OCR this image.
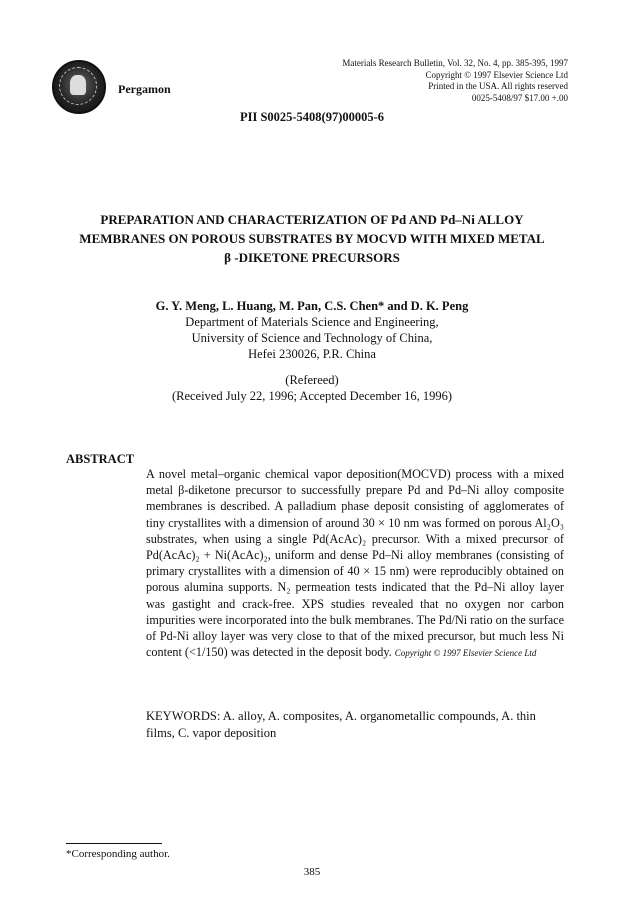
Pergamon
Materials Research Bulletin, Vol. 32, No. 4, pp. 385-395, 1997
Copyright © 1997 Elsevier Science Ltd
Printed in the USA. All rights reserved
0025-5408/97 $17.00 +.00
PII S0025-5408(97)00005-6
PREPARATION AND CHARACTERIZATION OF Pd AND Pd–Ni ALLOY
MEMBRANES ON POROUS SUBSTRATES BY MOCVD WITH MIXED METAL
β -DIKETONE PRECURSORS
G. Y. Meng, L. Huang, M. Pan, C.S. Chen* and D. K. Peng
Department of Materials Science and Engineering,
University of Science and Technology of China,
Hefei 230026, P.R. China
(Refereed)
(Received July 22, 1996; Accepted December 16, 1996)
ABSTRACT
A novel metal–organic chemical vapor deposition(MOCVD) process with a mixed metal β-diketone precursor to successfully prepare Pd and Pd–Ni alloy composite membranes is described. A palladium phase deposit consisting of agglomerates of tiny crystallites with a dimension of around 30 × 10 nm was formed on porous Al₂O₃ substrates, when using a single Pd(AcAc)₂ precursor. With a mixed precursor of Pd(AcAc)₂ + Ni(AcAc)₂, uniform and dense Pd–Ni alloy membranes (consisting of primary crystallites with a dimension of 40 × 15 nm) were reproducibly obtained on porous alumina supports. N₂ permeation tests indicated that the Pd–Ni alloy layer was gastight and crack-free. XPS studies revealed that no oxygen nor carbon impurities were incorporated into the bulk membranes. The Pd/Ni ratio on the surface of Pd-Ni alloy layer was very close to that of the mixed precursor, but much less Ni content (<1/150) was detected in the deposit body. Copyright © 1997 Elsevier Science Ltd
KEYWORDS: A. alloy, A. composites, A. organometallic compounds, A. thin films, C. vapor deposition
*Corresponding author.
385
